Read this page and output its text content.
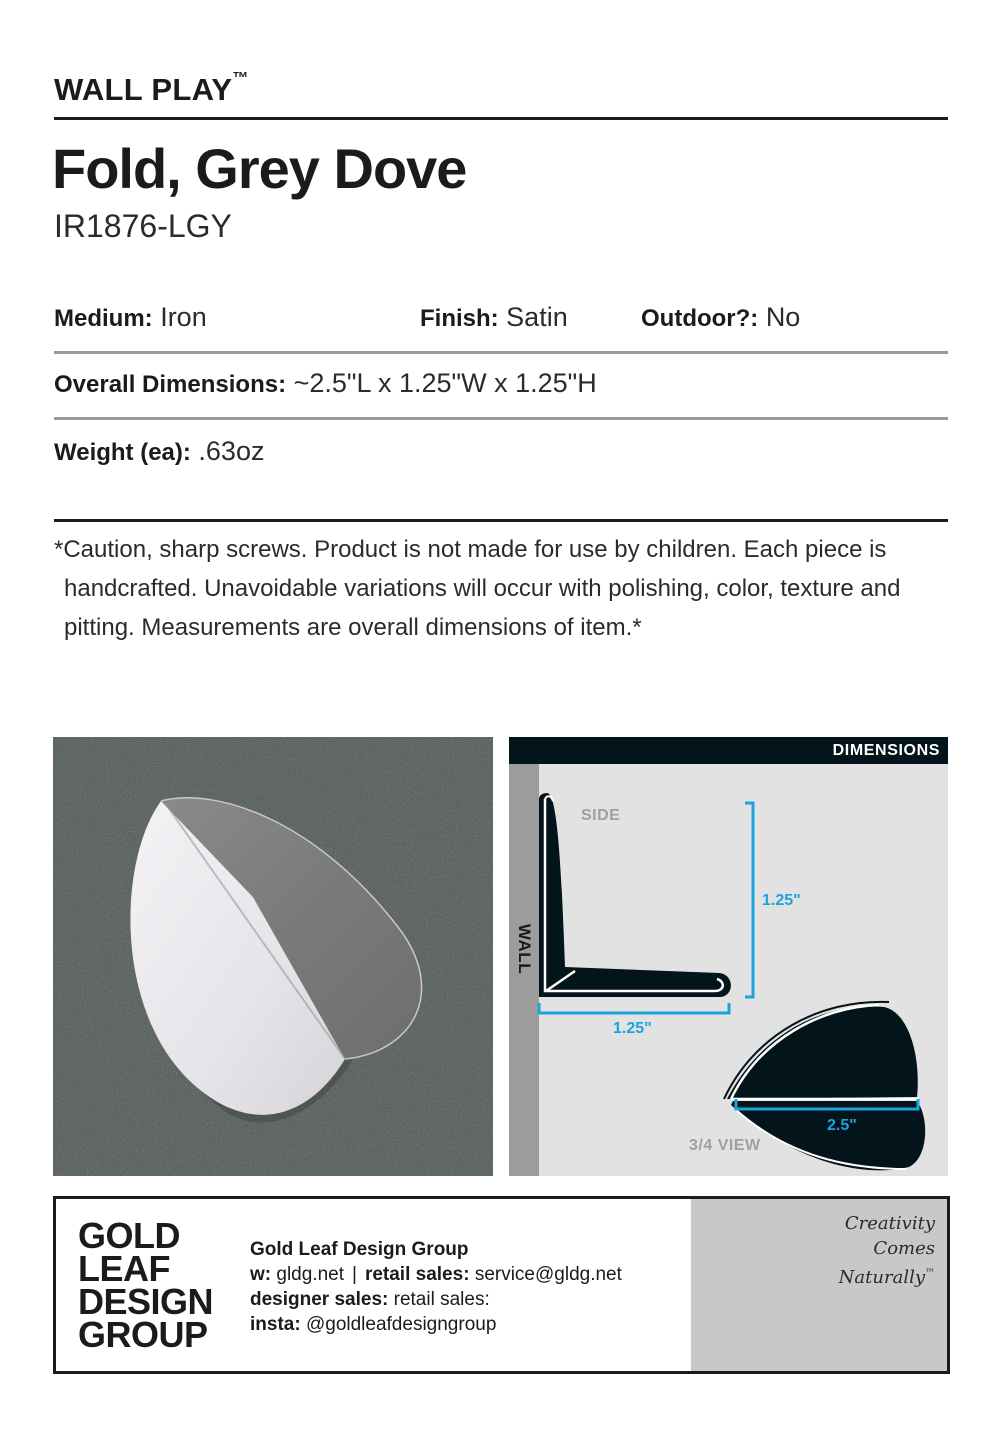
WALL PLAY™
Fold, Grey Dove
IR1876-LGY
Medium: Iron	Finish: Satin	Outdoor?: No
Overall Dimensions: ~2.5"L x 1.25"W x 1.25"H
Weight (ea): .63oz
*Caution, sharp screws. Product is not made for use by children. Each piece is handcrafted. Unavoidable variations will occur with polishing, color, texture and pitting. Measurements are overall dimensions of item.*
DIMENSIONS
WALL
SIDE
1.25"
1.25"
2.5"
3/4 VIEW
GOLD
LEAF
DESIGN
GROUP
Gold Leaf Design Group
w: gldg.net | retail sales: service@gldg.net
designer sales: retail sales:
insta: @goldleafdesigngroup
Creativity
Comes
Naturally™
